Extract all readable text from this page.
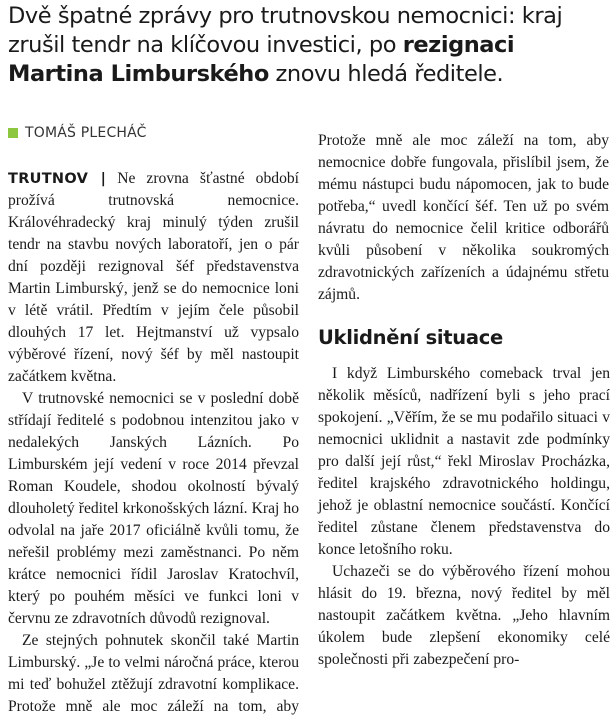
Dvě špatné zprávy pro trutnovskou nemocnici: kraj zrušil tendr na klíčovou investici, po rezignaci Martina Limburského znovu hledá ředitele.
TOMÁŠ PLECHÁČ

TRUTNOV | Ne zrovna šťastné období prožívá trutnovská nemocnice. Královéhradecký kraj minulý týden zrušil tendr na stavbu nových laboratoří, jen o pár dní později rezignoval šéf představenstva Martin Limburský, jenž se do nemocnice loni v létě vrátil. Předtím v jejím čele působil dlouhých 17 let. Hejtmanství už vypsalo výběrové řízení, nový šéf by měl nastoupit začátkem května.

V trutnovské nemocnici se v poslední době střídají ředitelé s podobnou intenzitou jako v nedalekých Janských Lázních. Po Limburském její vedení v roce 2014 převzal Roman Koudele, shodou okolností bývalý dlouholetý ředitel krkonošských lázní. Kraj ho odvolal na jaře 2017 oficiálně kvůli tomu, že neřešil problémy mezi zaměstnanci. Po něm krátce nemocnici řídil Jaroslav Kratochvíl, který po pouhém měsíci ve funkci loni v červnu ze zdravotních důvodů rezignoval.

Ze stejných pohnutek skončil také Martin Limburský. „Je to velmi náročná práce, kterou mi teď bohužel ztěžují zdravotní komplikace. Protože mně ale moc záleží na tom, aby

Protože mně ale moc záleží na tom, aby nemocnice dobře fungovala, přislíbil jsem, že mému nástupci budu nápomocen, jak to bude potřeba,“ uvedl končící šéf. Ten už po svém návratu do nemocnice čelil kritice odborářů kvůli působení v několika soukromých zdravotnických zařízeních a údajnému střetu zájmů.

Uklidnění situace

I když Limburského comeback trval jen několik měsíců, nadřízení byli s jeho prací spokojení. „Věřím, že se mu podařilo situaci v nemocnici uklidnit a nastavit zde podmínky pro další její růst,“ řekl Miroslav Procházka, ředitel krajského zdravotnického holdingu, jehož je oblastní nemocnice součástí. Končící ředitel zůstane členem představenstva do konce letošního roku.

Uchazeči se do výběrového řízení mohou hlásit do 19. března, nový ředitel by měl nastoupit začátkem května. „Jeho hlavním úkolem bude zlepšení ekonomiky celé společnosti při zabezpečení pro-
